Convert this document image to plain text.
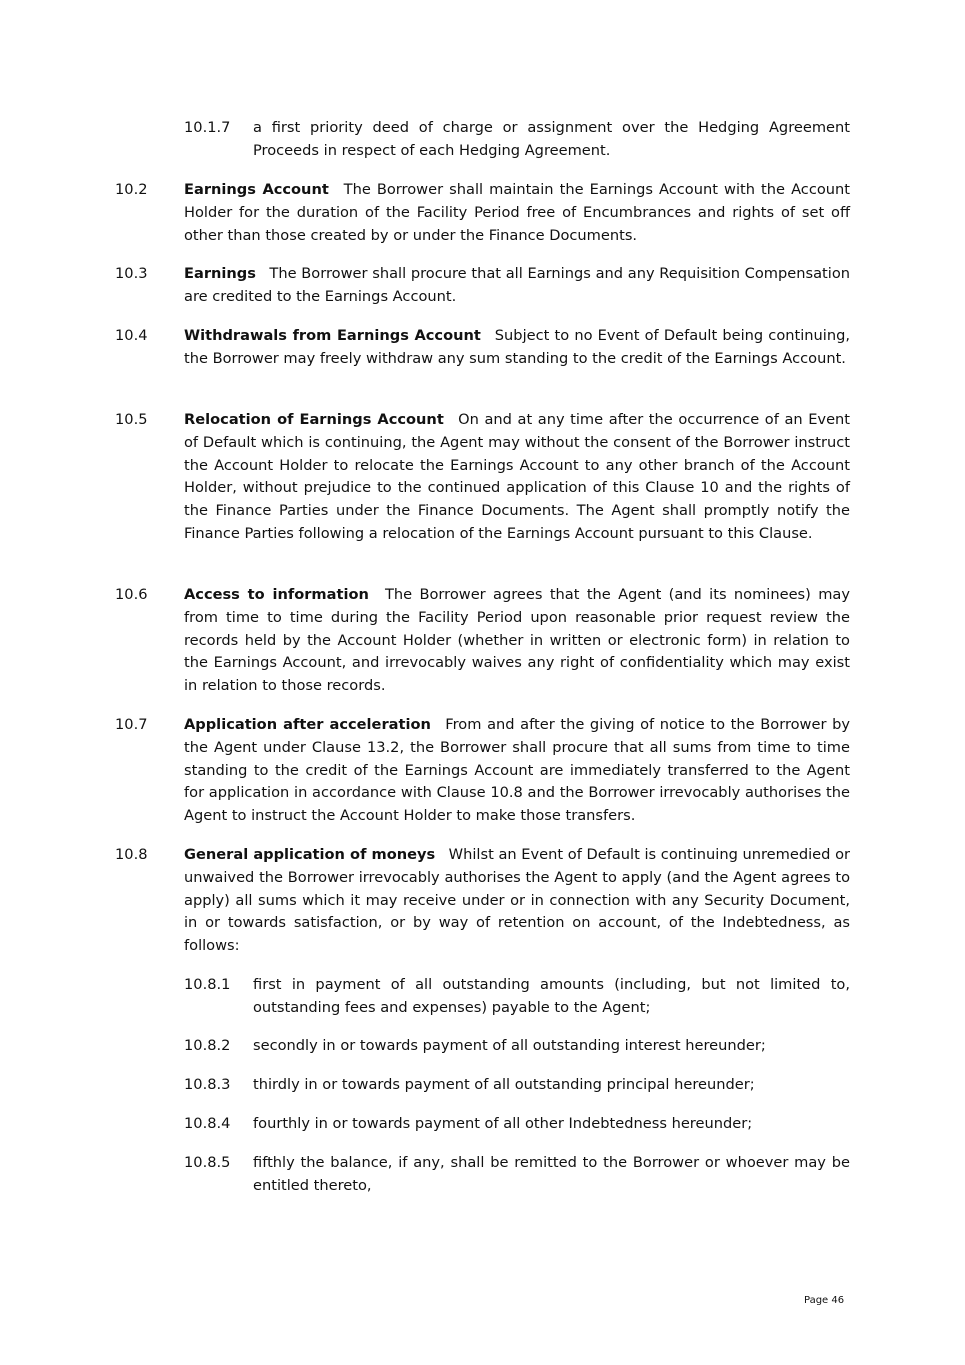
10.1.7 a first priority deed of charge or assignment over the Hedging Agreement Proceeds in respect of each Hedging Agreement.
10.2	Earnings Account The Borrower shall maintain the Earnings Account with the Account Holder for the duration of the Facility Period free of Encumbrances and rights of set off other than those created by or under the Finance Documents.
10.3	Earnings The Borrower shall procure that all Earnings and any Requisition Compensation are credited to the Earnings Account.
10.4	Withdrawals from Earnings Account Subject to no Event of Default being continuing, the Borrower may freely withdraw any sum standing to the credit of the Earnings Account.
10.5	Relocation of Earnings Account On and at any time after the occurrence of an Event of Default which is continuing, the Agent may without the consent of the Borrower instruct the Account Holder to relocate the Earnings Account to any other branch of the Account Holder, without prejudice to the continued application of this Clause 10 and the rights of the Finance Parties under the Finance Documents. The Agent shall promptly notify the Finance Parties following a relocation of the Earnings Account pursuant to this Clause.
10.6	Access to information The Borrower agrees that the Agent (and its nominees) may from time to time during the Facility Period upon reasonable prior request review the records held by the Account Holder (whether in written or electronic form) in relation to the Earnings Account, and irrevocably waives any right of confidentiality which may exist in relation to those records.
10.7	Application after acceleration From and after the giving of notice to the Borrower by the Agent under Clause 13.2, the Borrower shall procure that all sums from time to time standing to the credit of the Earnings Account are immediately transferred to the Agent for application in accordance with Clause 10.8 and the Borrower irrevocably authorises the Agent to instruct the Account Holder to make those transfers.
10.8	General application of moneys Whilst an Event of Default is continuing unremedied or unwaived the Borrower irrevocably authorises the Agent to apply (and the Agent agrees to apply) all sums which it may receive under or in connection with any Security Document, in or towards satisfaction, or by way of retention on account, of the Indebtedness, as follows:
10.8.1 first in payment of all outstanding amounts (including, but not limited to, outstanding fees and expenses) payable to the Agent;
10.8.2 secondly in or towards payment of all outstanding interest hereunder;
10.8.3 thirdly in or towards payment of all outstanding principal hereunder;
10.8.4 fourthly in or towards payment of all other Indebtedness hereunder;
10.8.5 fifthly the balance, if any, shall be remitted to the Borrower or whoever may be entitled thereto,
Page 46
